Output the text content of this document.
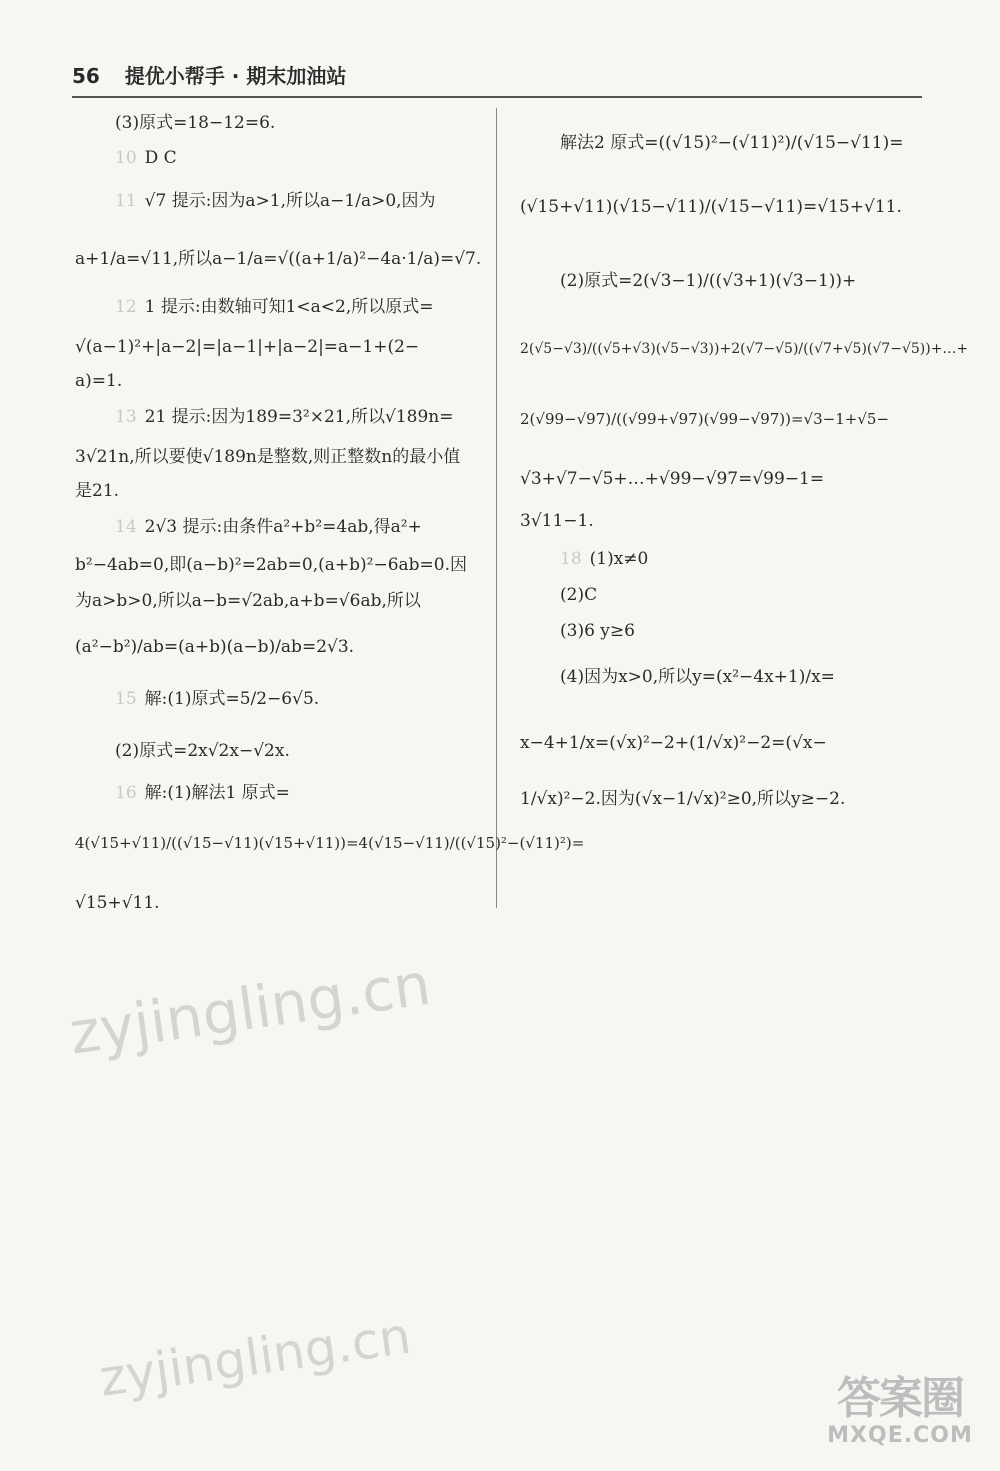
56 提优小帮手 · 期末加油站
(3)原式=18−12=6.
10 D C
11 √7 提示:因为a>1,所以a−1/a>0,因为
a+1/a=√11,所以a−1/a=√((a+1/a)²−4a·1/a)=√7.
12 1 提示:由数轴可知1<a<2,所以原式=
√(a−1)²+|a−2|=|a−1|+|a−2|=a−1+(2−
a)=1.
13 21 提示:因为189=3²×21,所以√189n=
3√21n,所以要使√189n是整数,则正整数n的最小值
是21.
14 2√3 提示:由条件a²+b²=4ab,得a²+
b²−4ab=0,即(a−b)²=2ab=0,(a+b)²−6ab=0.因
为a>b>0,所以a−b=√2ab,a+b=√6ab,所以
(a²−b²)/ab=(a+b)(a−b)/ab=2√3.
15 解:(1)原式=5/2−6√5.
(2)原式=2x√2x−√2x.
16 解:(1)解法1 原式=
4(√15+√11)/((√15−√11)(√15+√11))=4(√15−√11)/((√15)²−(√11)²)=
√15+√11.
解法2 原式=((√15)²−(√11)²)/(√15−√11)=
(√15+√11)(√15−√11)/(√15−√11)=√15+√11.
(2)原式=2(√3−1)/((√3+1)(√3−1))+
2(√5−√3)/((√5+√3)(√5−√3))+2(√7−√5)/((√7+√5)(√7−√5))+…+
2(√99−√97)/((√99+√97)(√99−√97))=√3−1+√5−
√3+√7−√5+…+√99−√97=√99−1=
3√11−1.
18 (1)x≠0
(2)C
(3)6 y≥6
(4)因为x>0,所以y=(x²−4x+1)/x=
x−4+1/x=(√x)²−2+(1/√x)²−2=(√x−
1/√x)²−2.因为(√x−1/√x)²≥0,所以y≥−2.
zyjingling.cn
zyjingling.cn	答案圈
MXQE.COM
